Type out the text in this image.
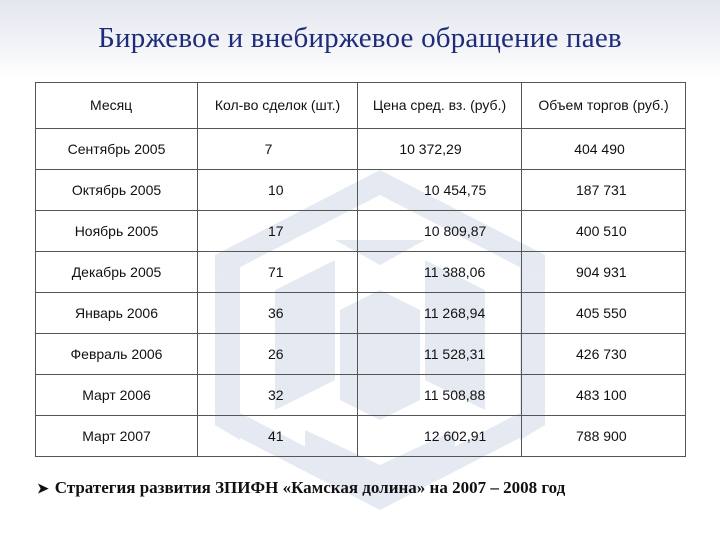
Биржевое и внебиржевое обращение паев
Месяц	Кол-во сделок (шт.)	Цена сред. вз. (руб.)	Объем торгов (руб.)
Сентябрь 2005	7	10 372,29	404 490
Октябрь 2005	10	10 454,75	187 731
Ноябрь 2005	17	10 809,87	400 510
Декабрь 2005	71	11 388,06	904 931
Январь 2006	36	11 268,94	405 550
Февраль 2006	26	11 528,31	426 730
Март 2006	32	11 508,88	483 100
Март 2007	41	12 602,91	788 900
➤ Стратегия развития ЗПИФН «Камская долина» на 2007 – 2008 год
